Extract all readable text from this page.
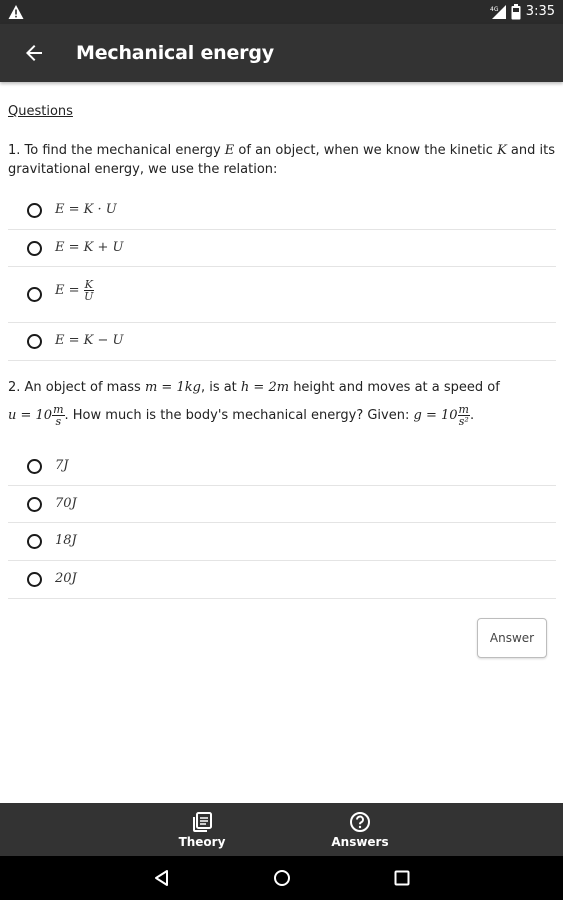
4G 3:35
Mechanical energy
Questions
1. To find the mechanical energy E of an object, when we know the kinetic K and its gravitational energy, we use the relation:
E = K · U
E = K + U
$E = \frac{K}{U}$
E = K − U
2. An object of mass m = 1kg, is at h = 2m height and moves at a speed of
$u = 10 \frac{m}{s}$ . How much is the body's mechanical energy? Given: $g = 10 \frac{m}{\text{s²}}$ .
7J
70J
18J
20J
Answer
Theory	Answers
